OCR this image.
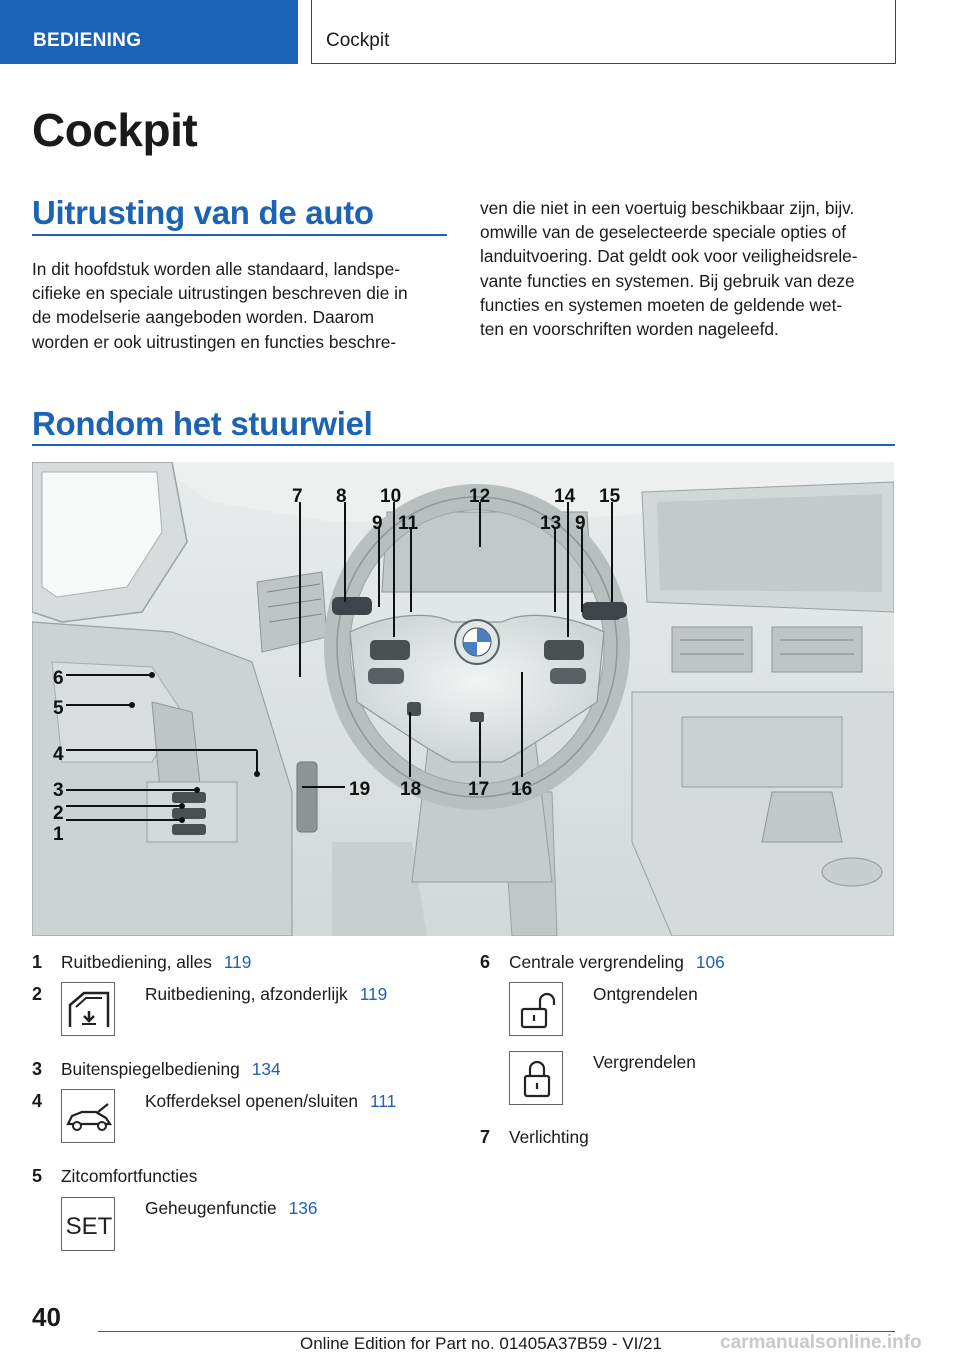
BEDIENING	Cockpit
Cockpit
Uitrusting van de auto
In dit hoofdstuk worden alle standaard, landspe‐
cifieke en speciale uitrustingen beschreven die in
de modelserie aangeboden worden. Daarom
worden er ook uitrustingen en functies beschre‐
ven die niet in een voertuig beschikbaar zijn, bijv.
omwille van de geselecteerde speciale opties of
landuitvoering. Dat geldt ook voor veiligheidsrele‐
vante functies en systemen. Bij gebruik van deze
functies en systemen moeten de geldende wet‐
ten en voorschriften worden nageleefd.
Rondom het stuurwiel
1
2
3
4
5
6
7 8
9
10
11
12
13
14 15
9
16
17
18
19
1 Ruitbediening, alles 119
2	Ruitbediening, afzonderlijk 119
3 Buitenspiegelbediening 134
4	Kofferdeksel openen/sluiten 111
5 Zitcomfortfuncties
SET
Geheugenfunctie 136
6 Centrale vergrendeling 106
Ontgrendelen
Vergrendelen
7 Verlichting
40
Online Edition for Part no. 01405A37B59 - VI/21	carmanualsonline.info
